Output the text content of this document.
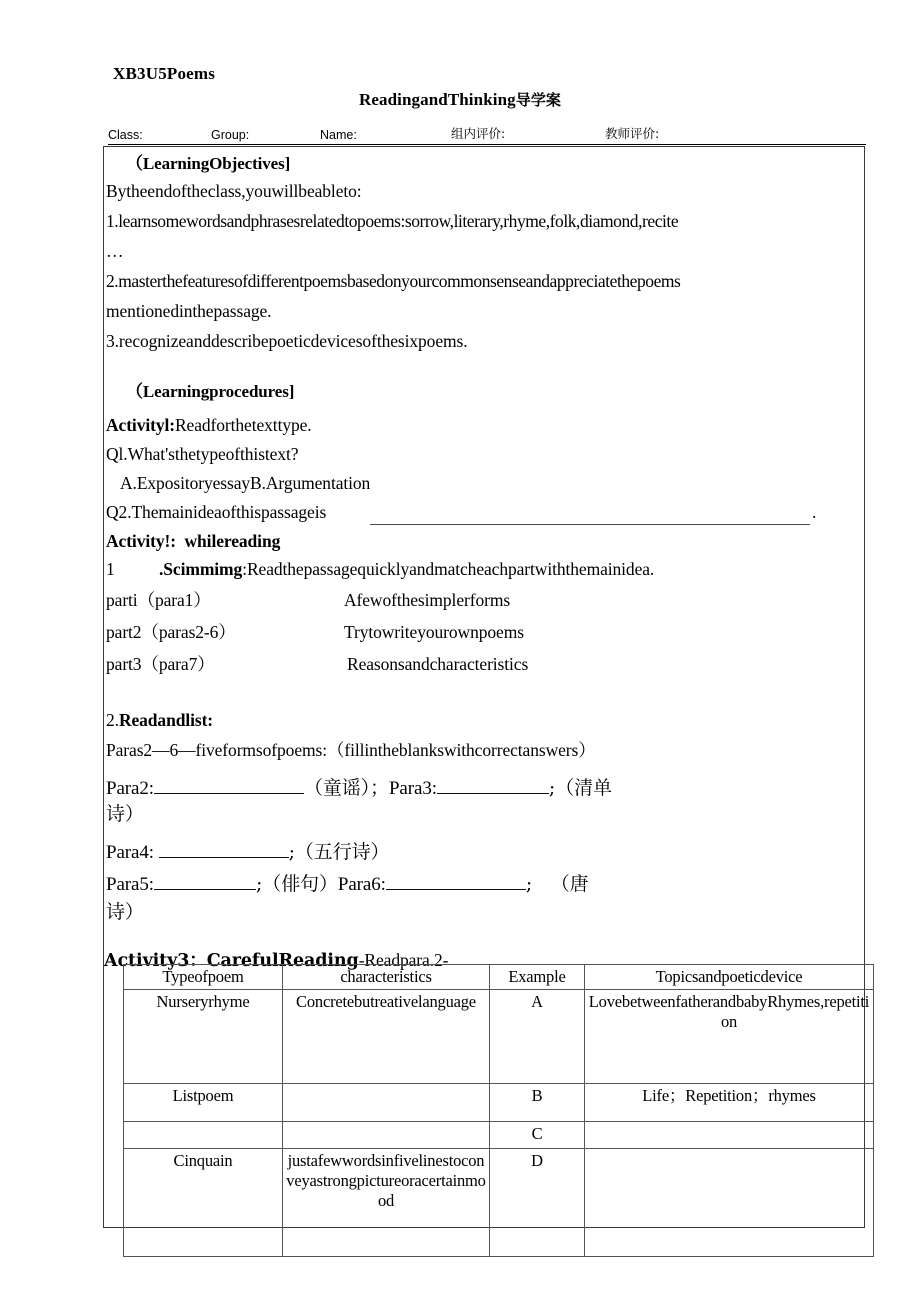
XB3U5Poems
ReadingandThinking导学案
Class:	Group:	Name:	组内评价:	教师评价:
（LearningObjectives]
Bytheendoftheclass,youwillbeableto:
1.learnsomewordsandphrasesrelatedtopoems:sorrow,literary,rhyme,folk,diamond,recite
…
2.masterthefeaturesofdifferentpoemsbasedonyourcommonsenseandappreciatethepoems
mentionedinthepassage.
3.recognizeanddescribepoeticdevicesofthesixpoems.
（Learningprocedures]
Activityl:Readforthetexttype.
Ql.What'sthetypeofthistext?
A.ExpositoryessayB.Argumentation
Q2.Themainideaofthispassageis	.
Activity!: whilereading
1	.Scimmimg:Readthepassagequicklyandmatcheachpartwiththemainidea.
parti（para1）	Afewofthesimplerforms
part2（paras2-6）	Trytowriteyourownpoems
part3（para7）	Reasonsandcharacteristics
2.Readandlist:
Paras2—6—fiveformsofpoems:（fillintheblankswithcorrectanswers）
Para2:	（童谣）；Para3:	;（清单
诗）
Para4:	;（五行诗）
Para5:	;（俳句）Para6:	; （唐
诗）
Activity3：CarefulReading-Readpara.2-
Typeofpoem	characteristics	Example	Topicsandpoeticdevice
Nurseryrhyme	Concretebutreativelanguage	A	LovebetweenfatherandbabyRhymes,repetition
Listpoem		B	Life；Repetition；rhymes
		C	
Cinquain	justafewwordsinfivelinestoconveyastrongpictureoracertainmood	D	
